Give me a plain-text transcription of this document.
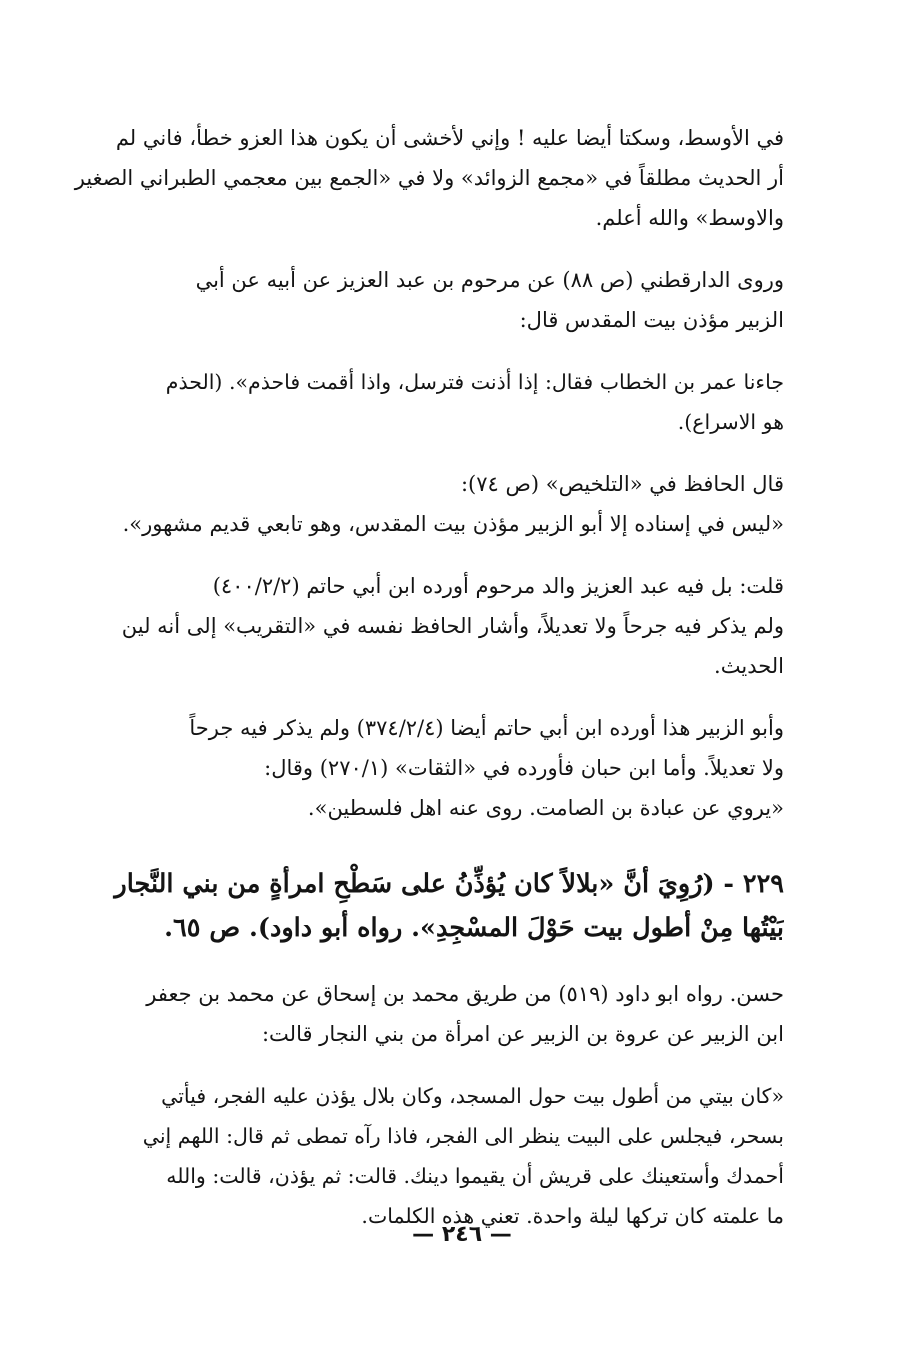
في الأوسط، وسكتا أيضا عليه ! وإني لأخشى أن يكون هذا العزو خطأ، فاني لم
أر الحديث مطلقاً في «مجمع الزوائد» ولا في «الجمع بين معجمي الطبراني الصغير
والاوسط» والله أعلم.
وروى الدارقطني (ص ٨٨) عن مرحوم بن عبد العزيز عن أبيه عن أبي
الزبير مؤذن بيت المقدس قال:
جاءنا عمر بن الخطاب فقال: إذا أذنت فترسل، واذا أقمت فاحذم». (الحذم
هو الاسراع).
قال الحافظ في «التلخيص» (ص ٧٤):
«ليس في إسناده إلا أبو الزبير مؤذن بيت المقدس، وهو تابعي قديم مشهور».
قلت: بل فيه عبد العزيز والد مرحوم أورده ابن أبي حاتم (٤٠٠/٢/٢)
ولم يذكر فيه جرحاً ولا تعديلاً، وأشار الحافظ نفسه في «التقريب» إلى أنه لين
الحديث.
وأبو الزبير هذا أورده ابن أبي حاتم أيضا (٣٧٤/٢/٤) ولم يذكر فيه جرحاً
ولا تعديلاً. وأما ابن حبان فأورده في «الثقات» (٢٧٠/١) وقال:
«يروي عن عبادة بن الصامت. روى عنه اهل فلسطين».
٢٢٩ - (رُوِيَ أنَّ «بلالاً كان يُؤذِّنُ على سَطْحِ امرأةٍ من بني النَّجار
بَيْتُها مِنْ أطول بيت حَوْلَ المسْجِدِ». رواه أبو داود). ص ٦٥.
حسن. رواه ابو داود (٥١٩) من طريق محمد بن إسحاق عن محمد بن جعفر
ابن الزبير عن عروة بن الزبير عن امرأة من بني النجار قالت:
«كان بيتي من أطول بيت حول المسجد، وكان بلال يؤذن عليه الفجر، فيأتي
بسحر، فيجلس على البيت ينظر الى الفجر، فاذا رآه تمطى ثم قال: اللهم إني
أحمدك وأستعينك على قريش أن يقيموا دينك. قالت: ثم يؤذن، قالت: والله
ما علمته كان تركها ليلة واحدة. تعني هذه الكلمات.
— ٢٤٦ —
